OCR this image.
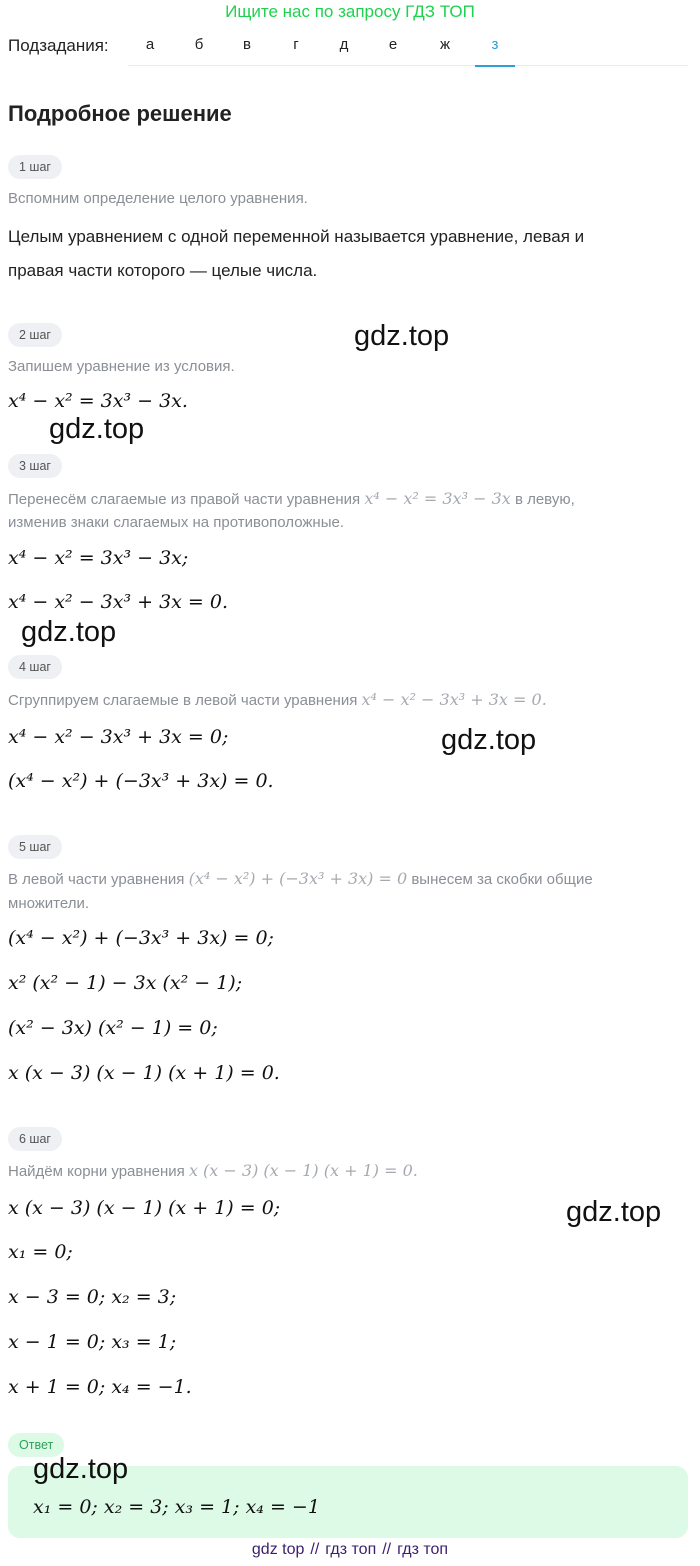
Ищите нас по запросу ГДЗ ТОП
Подзадания:	а	б	в	г	д	е	ж	з
Подробное решение
1 шаг
Вспомним определение целого уравнения.
Целым уравнением с одной переменной называется уравнение, левая и
правая части которого — целые числа.
2 шаг
Запишем уравнение из условия.
x⁴ − x² = 3x³ − 3x.
3 шаг
Перенесём слагаемые из правой части уравнения x⁴ − x² = 3x³ − 3x в левую,
изменив знаки слагаемых на противоположные.
x⁴ − x² = 3x³ − 3x;
x⁴ − x² − 3x³ + 3x = 0.
4 шаг
Сгруппируем слагаемые в левой части уравнения x⁴ − x² − 3x³ + 3x = 0.
x⁴ − x² − 3x³ + 3x = 0;
(x⁴ − x²) + (−3x³ + 3x) = 0.
5 шаг
В левой части уравнения (x⁴ − x²) + (−3x³ + 3x) = 0 вынесем за скобки общие
множители.
(x⁴ − x²) + (−3x³ + 3x) = 0;
x² (x² − 1) − 3x (x² − 1);
(x² − 3x) (x² − 1) = 0;
x (x − 3) (x − 1) (x + 1) = 0.
6 шаг
Найдём корни уравнения x (x − 3) (x − 1) (x + 1) = 0.
x (x − 3) (x − 1) (x + 1) = 0;
x₁ = 0;
x − 3 = 0; x₂ = 3;
x − 1 = 0; x₃ = 1;
x + 1 = 0; x₄ = −1.
Ответ
x₁ = 0; x₂ = 3; x₃ = 1; x₄ = −1
gdz.top
gdz.top
gdz.top
gdz.top
gdz.top
gdz.top
gdz top // гдз топ // гдз топ
